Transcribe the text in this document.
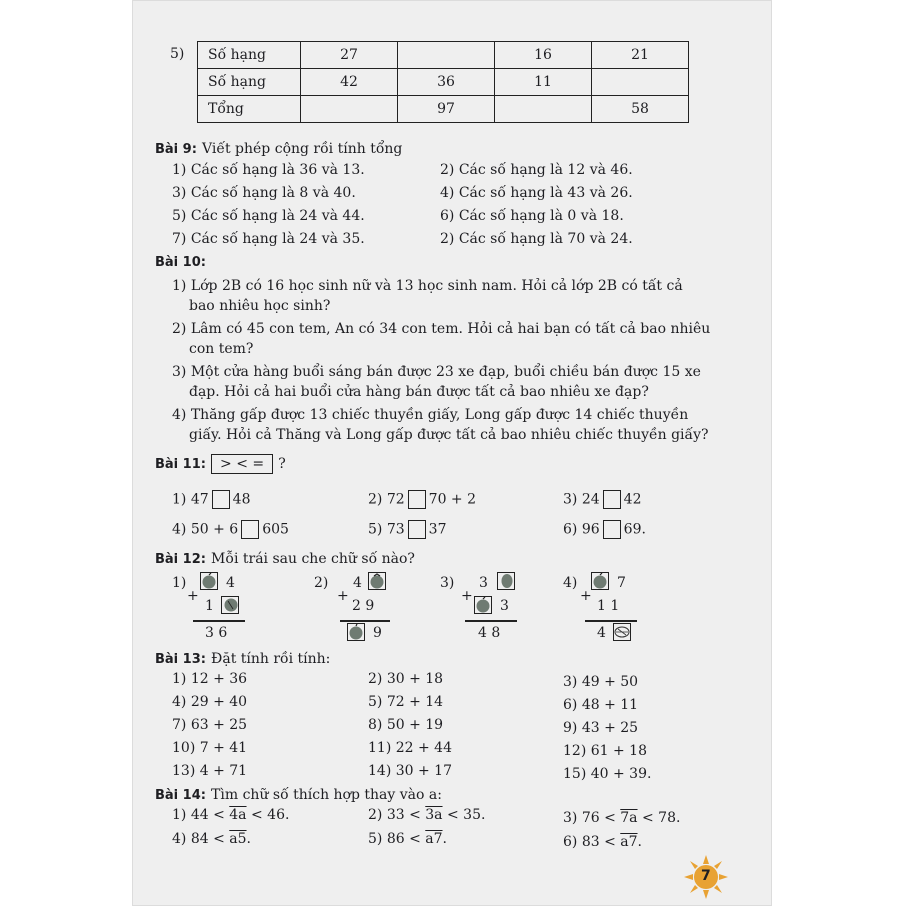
5) Số hạng	27		16	21
Số hạng	42	36	11	
Tổng		97		58
Bài 9: Viết phép cộng rồi tính tổng
1) Các số hạng là 36 và 13.	2) Các số hạng là 12 và 46.
3) Các số hạng là 8 và 40.	4) Các số hạng là 43 và 26.
5) Các số hạng là 24 và 44.	6) Các số hạng là 0 và 18.
7) Các số hạng là 24 và 35.	2) Các số hạng là 70 và 24.
Bài 10:
1) Lớp 2B có 16 học sinh nữ và 13 học sinh nam. Hỏi cả lớp 2B có tất cả
bao nhiêu học sinh?
2) Lâm có 45 con tem, An có 34 con tem. Hỏi cả hai bạn có tất cả bao nhiêu
con tem?
3) Một cửa hàng buổi sáng bán được 23 xe đạp, buổi chiều bán được 15 xe
đạp. Hỏi cả hai buổi cửa hàng bán được tất cả bao nhiêu xe đạp?
4) Thăng gấp được 13 chiếc thuyền giấy, Long gấp được 14 chiếc thuyền
giấy. Hỏi cả Thăng và Long gấp được tất cả bao nhiêu chiếc thuyền giấy?
Bài 11: > < = ?
1) 47 48	2) 72 70 + 2	3) 24 42
4) 50 + 6 605	5) 73 37	6) 96 69.
Bài 12: Mỗi trái sau che chữ số nào?
1)	4
+
1
3 6
2) 4
+
2 9
9
3) 3
+
3
4 8
4)	7
+
1 1
4
Bài 13: Đặt tính rồi tính:
1) 12 + 36	2) 30 + 18	3) 49 + 50
4) 29 + 40	5) 72 + 14	6) 48 + 11
7) 63 + 25	8) 50 + 19	9) 43 + 25
10) 7 + 41	11) 22 + 44	12) 61 + 18
13) 4 + 71	14) 30 + 17	15) 40 + 39.
Bài 14: Tìm chữ số thích hợp thay vào a:
1) 44 < 4a < 46.	2) 33 < 3a < 35.	3) 76 < 7a < 78.
4) 84 < a5.	5) 86 < a7.	6) 83 < a7.
7
